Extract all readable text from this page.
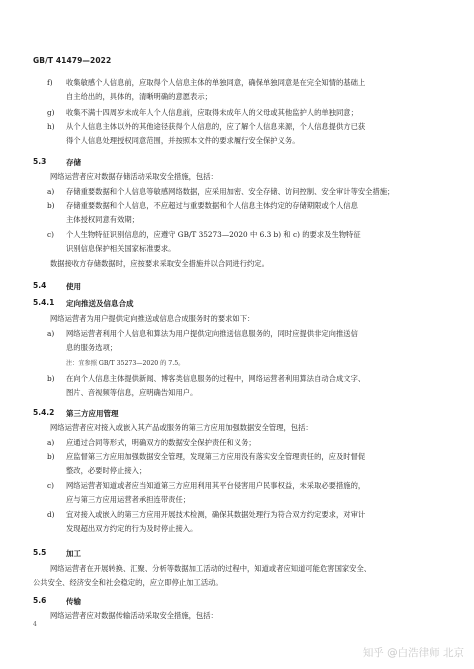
GB/T 41479—2022
f) 收集敏感个人信息前，应取得个人信息主体的单独同意，确保单独同意是在完全知情的基础上
自主给出的，具体的，清晰明确的意愿表示；
g) 收集不满十四周岁未成年人个人信息前，应取得未成年人的父母或其他监护人的单独同意；
h) 从个人信息主体以外的其他途径获得个人信息的，应了解个人信息来源，个人信息提供方已获
得个人信息处理授权同意范围，并按照本文件的要求履行安全保护义务。
5.3	存储
网络运营者应对数据存储活动采取安全措施，包括：
a) 存储重要数据和个人信息等敏感网络数据，应采用加密、安全存储、访问控制、安全审计等安全措施；
b) 存储重要数据和个人信息，不应超过与重要数据和个人信息主体约定的存储期限或个人信息
主体授权同意有效期；
c) 个人生物特征识别信息的，应遵守 GB/T 35273—2020 中 6.3 b) 和 c) 的要求及生物特征
识别信息保护相关国家标准要求。
数据接收方存储数据时，应按要求采取安全措施并以合同进行约定。
5.4	使用
5.4.1 定向推送及信息合成
网络运营者为用户提供定向推送或信息合成服务时的要求如下：
a) 网络运营者利用个人信息和算法为用户提供定向推送信息服务的，同时应提供非定向推送信
息的服务选项；
注：宜参照 GB/T 35273—2020 的 7.5。
b) 在向个人信息主体提供新闻、博客类信息服务的过程中，网络运营者利用算法自动合成文字、
图片、音视频等信息，应明确告知用户。
5.4.2 第三方应用管理
网络运营者应对接入或嵌入其产品或服务的第三方应用加强数据安全管理，包括：
a) 应通过合同等形式，明确双方的数据安全保护责任和义务；
b) 应监督第三方应用加强数据安全管理，发现第三方应用没有落实安全管理责任的，应及时督促
整改，必要时停止接入；
c) 网络运营者知道或者应当知道第三方应用利用其平台侵害用户民事权益，未采取必要措施的，
应与第三方应用运营者承担连带责任；
d) 宜对接入或嵌入的第三方应用开展技术检测，确保其数据处理行为符合双方约定要求，对审计
发现超出双方约定的行为及时停止接入。
5.5	加工
网络运营者在开展转换、汇聚、分析等数据加工活动的过程中，知道或者应知道可能危害国家安全、
公共安全、经济安全和社会稳定的，应立即停止加工活动。
5.6	传输
网络运营者应对数据传输活动采取安全措施，包括：
4
知乎 @白浩律师 北京
